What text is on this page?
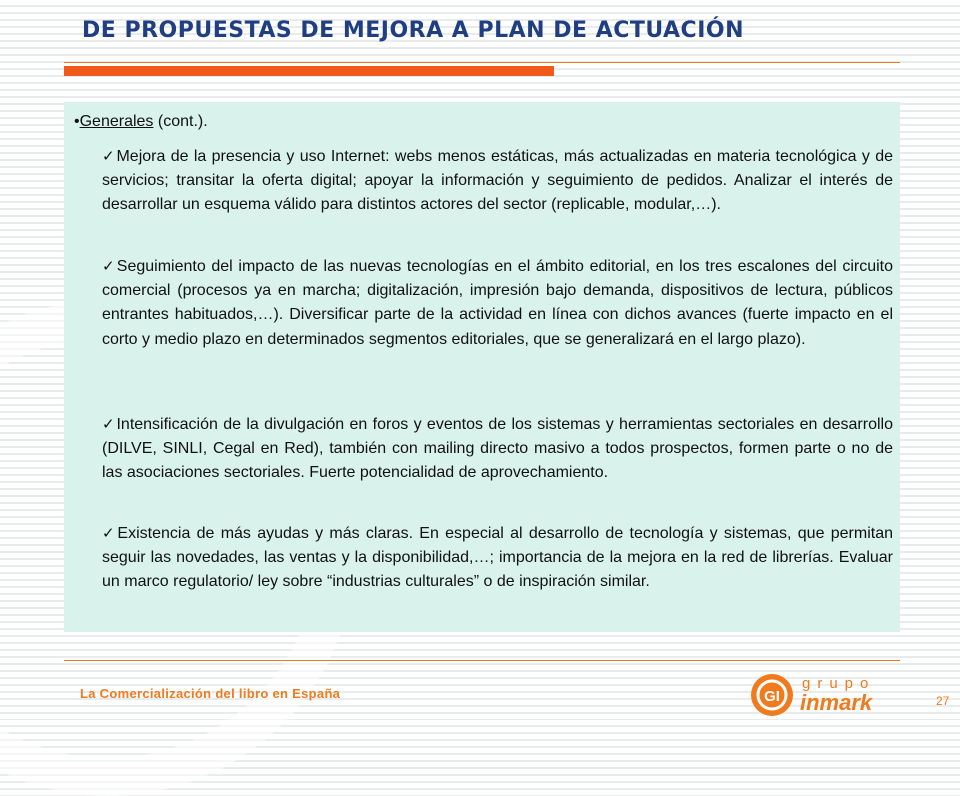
DE PROPUESTAS DE MEJORA A PLAN DE ACTUACIÓN
•Generales (cont.).

✓Mejora de la presencia y uso Internet: webs menos estáticas, más actualizadas en materia tecnológica y de servicios; transitar la oferta digital; apoyar la información y seguimiento de pedidos. Analizar el interés de desarrollar un esquema válido para distintos actores del sector (replicable, modular,…).

✓Seguimiento del impacto de las nuevas tecnologías en el ámbito editorial, en los tres escalones del circuito comercial (procesos ya en marcha; digitalización, impresión bajo demanda, dispositivos de lectura, públicos entrantes habituados,…). Diversificar parte de la actividad en línea con dichos avances (fuerte impacto en el corto y medio plazo en determinados segmentos editoriales, que se generalizará en el largo plazo).

✓Intensificación de la divulgación en foros y eventos de los sistemas y herramientas sectoriales en desarrollo (DILVE, SINLI, Cegal en Red), también con mailing directo masivo a todos prospectos, formen parte o no de las asociaciones sectoriales. Fuerte potencialidad de aprovechamiento.

✓Existencia de más ayudas y más claras. En especial al desarrollo de tecnología y sistemas, que permitan seguir las novedades, las ventas y la disponibilidad,…; importancia de la mejora en la red de librerías. Evaluar un marco regulatorio/ ley sobre “industrias culturales” o de inspiración similar.

La Comercialización del libro en España	GI
grupo
inmark	27
